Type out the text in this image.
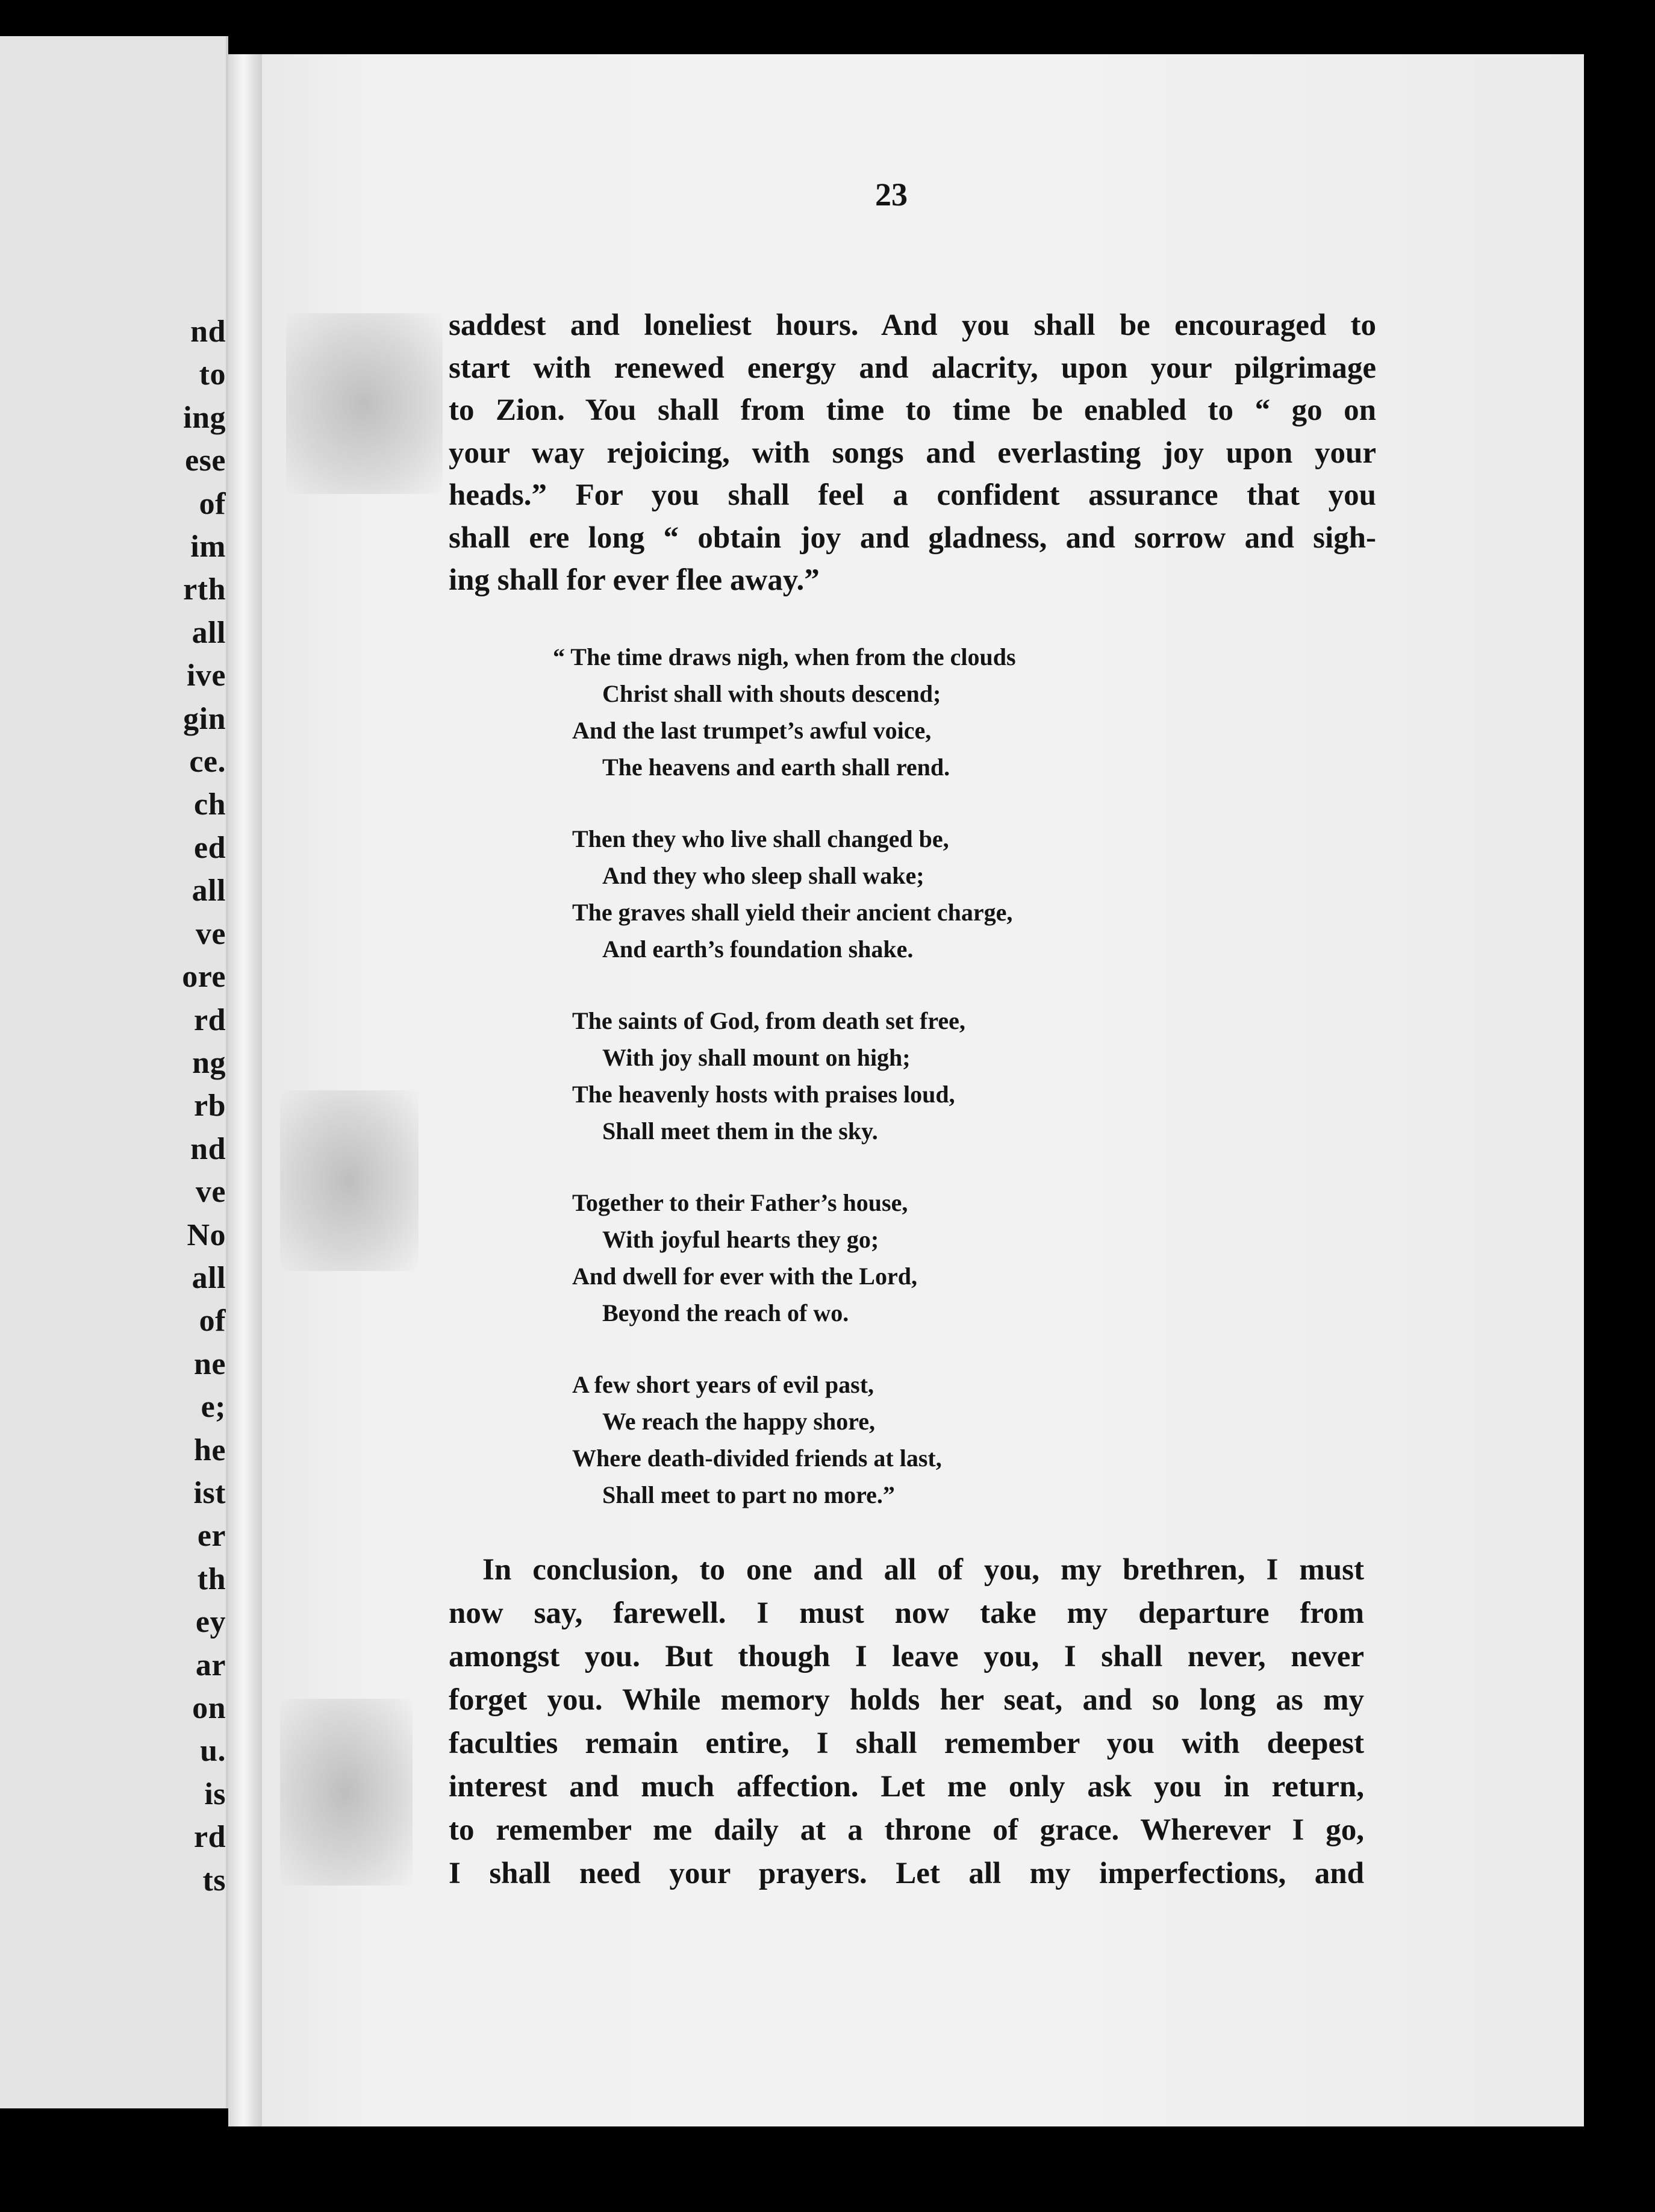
nd
to
ing
ese
of
im
rth
all
ive
gin
ce.
ch
ed
all
ve
ore
rd
ng
rb
nd
ve
No
all
of
ne
e;
he
ist
er
th
ey
ar
on
u.
is
rd
ts
23
saddest and loneliest hours. And you shall be encouraged to
start with renewed energy and alacrity, upon your pilgrimage
to Zion. You shall from time to time be enabled to “ go on
your way rejoicing, with songs and everlasting joy upon your
heads.” For you shall feel a confident assurance that you
shall ere long “ obtain joy and gladness, and sorrow and sigh-
ing shall for ever flee away.”
“ The time draws nigh, when from the clouds
Christ shall with shouts descend;
And the last trumpet’s awful voice,
The heavens and earth shall rend.
Then they who live shall changed be,
And they who sleep shall wake;
The graves shall yield their ancient charge,
And earth’s foundation shake.
The saints of God, from death set free,
With joy shall mount on high;
The heavenly hosts with praises loud,
Shall meet them in the sky.
Together to their Father’s house,
With joyful hearts they go;
And dwell for ever with the Lord,
Beyond the reach of wo.
A few short years of evil past,
We reach the happy shore,
Where death-divided friends at last,
Shall meet to part no more.”
In conclusion, to one and all of you, my brethren, I must
now say, farewell. I must now take my departure from
amongst you. But though I leave you, I shall never, never
forget you. While memory holds her seat, and so long as my
faculties remain entire, I shall remember you with deepest
interest and much affection. Let me only ask you in return,
to remember me daily at a throne of grace. Wherever I go,
I shall need your prayers. Let all my imperfections, and
